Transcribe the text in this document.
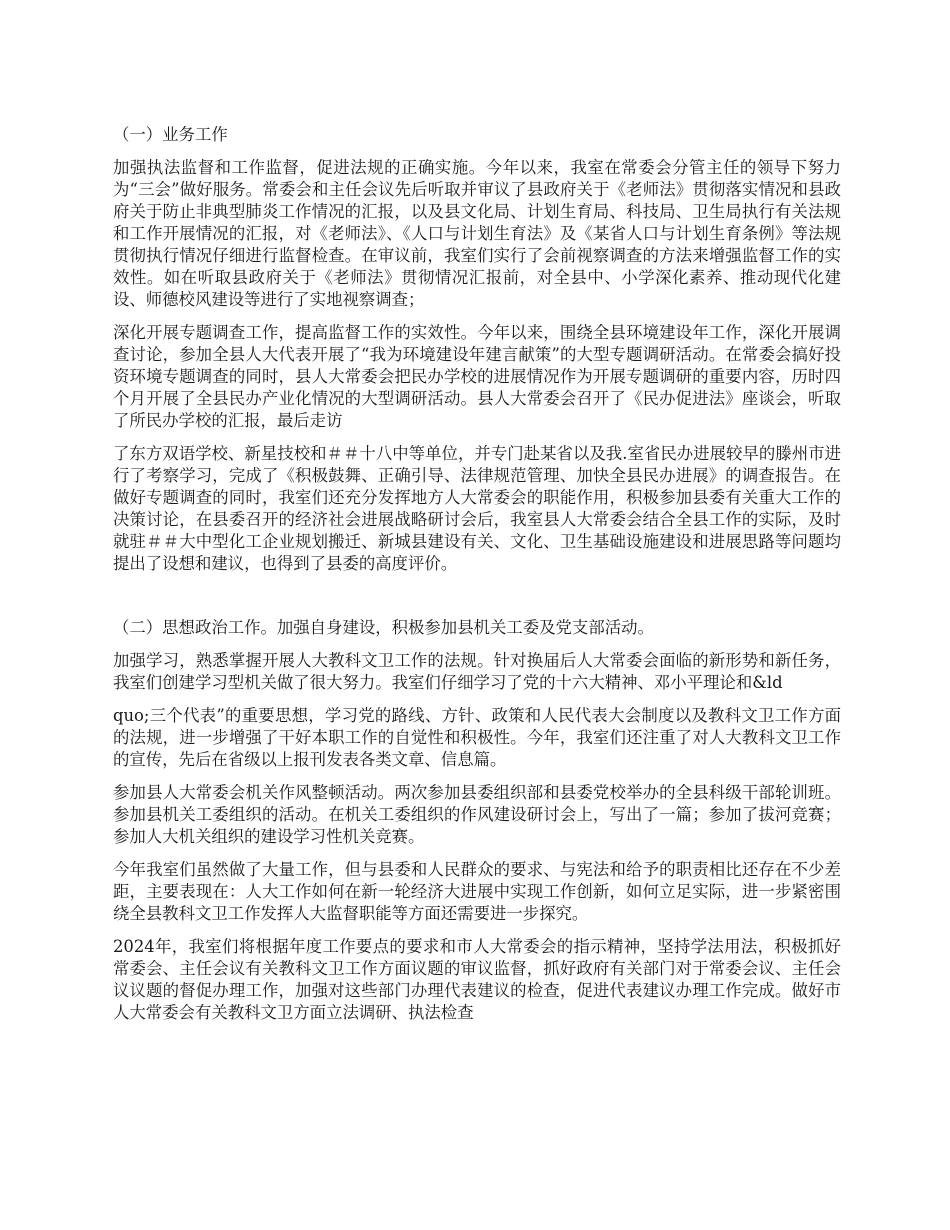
（一）业务工作

加强执法监督和工作监督，促进法规的正确实施。今年以来，我室在常委会分管主任的领导下努力为“三会”做好服务。常委会和主任会议先后听取并审议了县政府关于《老师法》贯彻落实情况和县政府关于防止非典型肺炎工作情况的汇报，以及县文化局、计划生育局、科技局、卫生局执行有关法规和工作开展情况的汇报，对《老师法》、《人口与计划生育法》及《某省人口与计划生育条例》等法规贯彻执行情况仔细进行监督检查。在审议前，我室们实行了会前视察调查的方法来增强监督工作的实效性。如在听取县政府关于《老师法》贯彻情况汇报前，对全县中、小学深化素养、推动现代化建设、师德校风建设等进行了实地视察调查；

深化开展专题调查工作，提高监督工作的实效性。今年以来，围绕全县环境建设年工作，深化开展调查讨论，参加全县人大代表开展了“我为环境建设年建言献策”的大型专题调研活动。在常委会搞好投资环境专题调查的同时，县人大常委会把民办学校的进展情况作为开展专题调研的重要内容，历时四个月开展了全县民办产业化情况的大型调研活动。县人大常委会召开了《民办促进法》座谈会，听取了所民办学校的汇报，最后走访

了东方双语学校、新星技校和＃＃十八中等单位，并专门赴某省以及我.室省民办进展较早的滕州市进行了考察学习，完成了《积极鼓舞、正确引导、法律规范管理、加快全县民办进展》的调查报告。在做好专题调查的同时，我室们还充分发挥地方人大常委会的职能作用，积极参加县委有关重大工作的决策讨论，在县委召开的经济社会进展战略研讨会后，我室县人大常委会结合全县工作的实际，及时就驻＃＃大中型化工企业规划搬迁、新城县建设有关、文化、卫生基础设施建设和进展思路等问题均提出了设想和建议，也得到了县委的高度评价。

（二）思想政治工作。加强自身建设，积极参加县机关工委及党支部活动。

加强学习，熟悉掌握开展人大教科文卫工作的法规。针对换届后人大常委会面临的新形势和新任务，我室们创建学习型机关做了很大努力。我室们仔细学习了党的十六大精神、邓小平理论和&ld

quo;三个代表”的重要思想，学习党的路线、方针、政策和人民代表大会制度以及教科文卫工作方面的法规，进一步增强了干好本职工作的自觉性和积极性。今年，我室们还注重了对人大教科文卫工作的宣传，先后在省级以上报刊发表各类文章、信息篇。

参加县人大常委会机关作风整顿活动。两次参加县委组织部和县委党校举办的全县科级干部轮训班。参加县机关工委组织的活动。在机关工委组织的作风建设研讨会上，写出了一篇；参加了拔河竞赛；参加人大机关组织的建设学习性机关竞赛。

今年我室们虽然做了大量工作，但与县委和人民群众的要求、与宪法和给予的职责相比还存在不少差距，主要表现在：人大工作如何在新一轮经济大进展中实现工作创新，如何立足实际，进一步紧密围绕全县教科文卫工作发挥人大监督职能等方面还需要进一步探究。

2024年，我室们将根据年度工作要点的要求和市人大常委会的指示精神，坚持学法用法，积极抓好常委会、主任会议有关教科文卫工作方面议题的审议监督，抓好政府有关部门对于常委会议、主任会议议题的督促办理工作，加强对这些部门办理代表建议的检查，促进代表建议办理工作完成。做好市人大常委会有关教科文卫方面立法调研、执法检查
